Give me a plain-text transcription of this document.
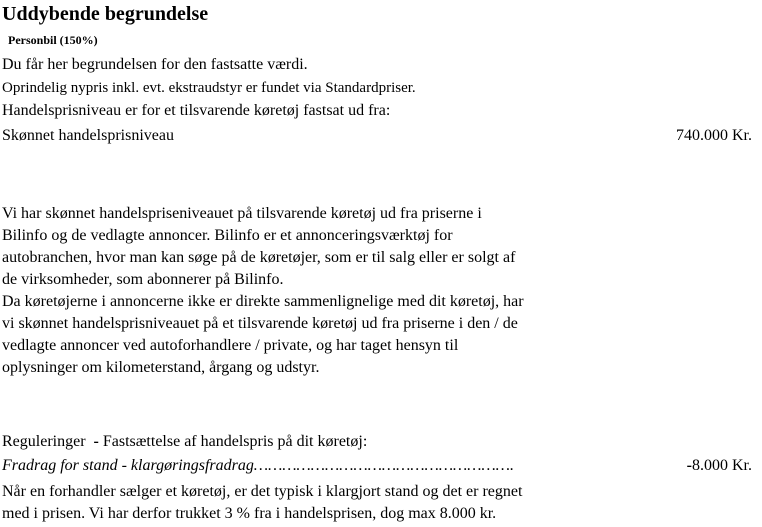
Uddybende begrundelse
Personbil (150%)
Du får her begrundelsen for den fastsatte værdi.
Oprindelig nypris inkl. evt. ekstraudstyr er fundet via Standardpriser.
Handelsprisniveau er for et tilsvarende køretøj fastsat ud fra:
Skønnet handelsprisniveau	740.000 Kr.
Vi har skønnet handelspriseniveauet på tilsvarende køretøj ud fra priserne i
Bilinfo og de vedlagte annoncer. Bilinfo er et annonceringsværktøj for
autobranchen, hvor man kan søge på de køretøjer, som er til salg eller er solgt af
de virksomheder, som abonnerer på Bilinfo.
Da køretøjerne i annoncerne ikke er direkte sammenlignelige med dit køretøj, har
vi skønnet handelsprisniveauet på et tilsvarende køretøj ud fra priserne i den / de
vedlagte annoncer ved autoforhandlere / private, og har taget hensyn til
oplysninger om kilometerstand, årgang og udstyr.
Reguleringer - Fastsættelse af handelspris på dit køretøj:
Fradrag for stand - klargøringsfradrag……………………………………………….	-8.000 Kr.
Når en forhandler sælger et køretøj, er det typisk i klargjort stand og det er regnet
med i prisen. Vi har derfor trukket 3 % fra i handelsprisen, dog max 8.000 kr.
